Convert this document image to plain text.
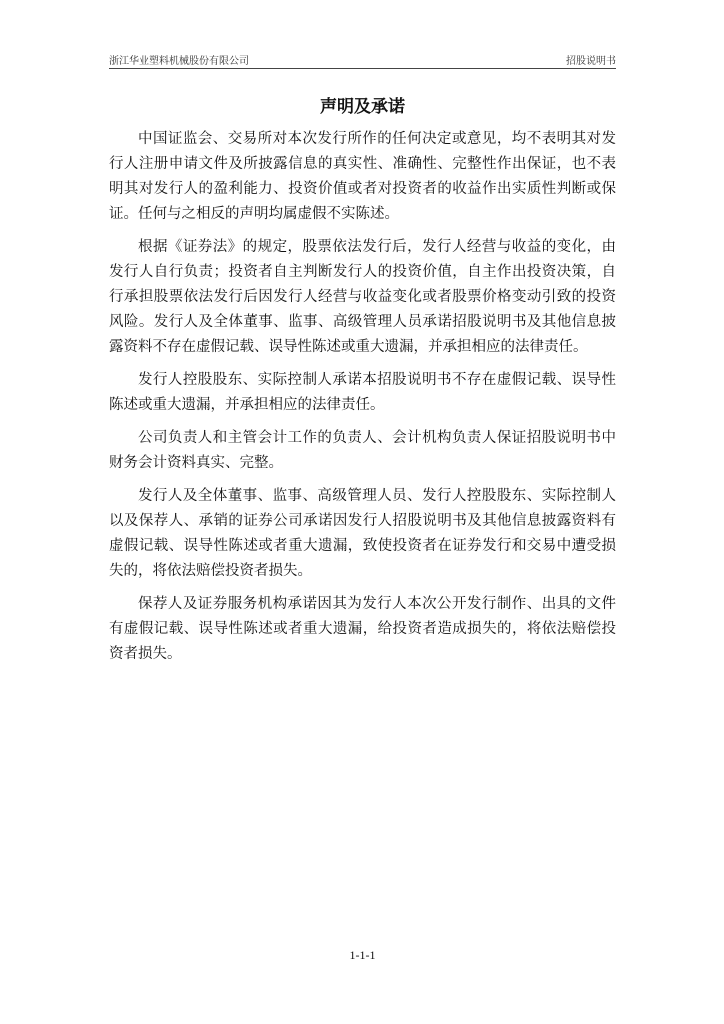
浙江华业塑料机械股份有限公司	招股说明书
声明及承诺

中国证监会、交易所对本次发行所作的任何决定或意见，均不表明其对发行人注册申请文件及所披露信息的真实性、准确性、完整性作出保证，也不表明其对发行人的盈利能力、投资价值或者对投资者的收益作出实质性判断或保证。任何与之相反的声明均属虚假不实陈述。

根据《证券法》的规定，股票依法发行后，发行人经营与收益的变化，由发行人自行负责；投资者自主判断发行人的投资价值，自主作出投资决策，自行承担股票依法发行后因发行人经营与收益变化或者股票价格变动引致的投资风险。发行人及全体董事、监事、高级管理人员承诺招股说明书及其他信息披露资料不存在虚假记载、误导性陈述或重大遗漏，并承担相应的法律责任。

发行人控股股东、实际控制人承诺本招股说明书不存在虚假记载、误导性陈述或重大遗漏，并承担相应的法律责任。

公司负责人和主管会计工作的负责人、会计机构负责人保证招股说明书中财务会计资料真实、完整。

发行人及全体董事、监事、高级管理人员、发行人控股股东、实际控制人以及保荐人、承销的证券公司承诺因发行人招股说明书及其他信息披露资料有虚假记载、误导性陈述或者重大遗漏，致使投资者在证券发行和交易中遭受损失的，将依法赔偿投资者损失。

保荐人及证券服务机构承诺因其为发行人本次公开发行制作、出具的文件有虚假记载、误导性陈述或者重大遗漏，给投资者造成损失的，将依法赔偿投资者损失。

1-1-1
